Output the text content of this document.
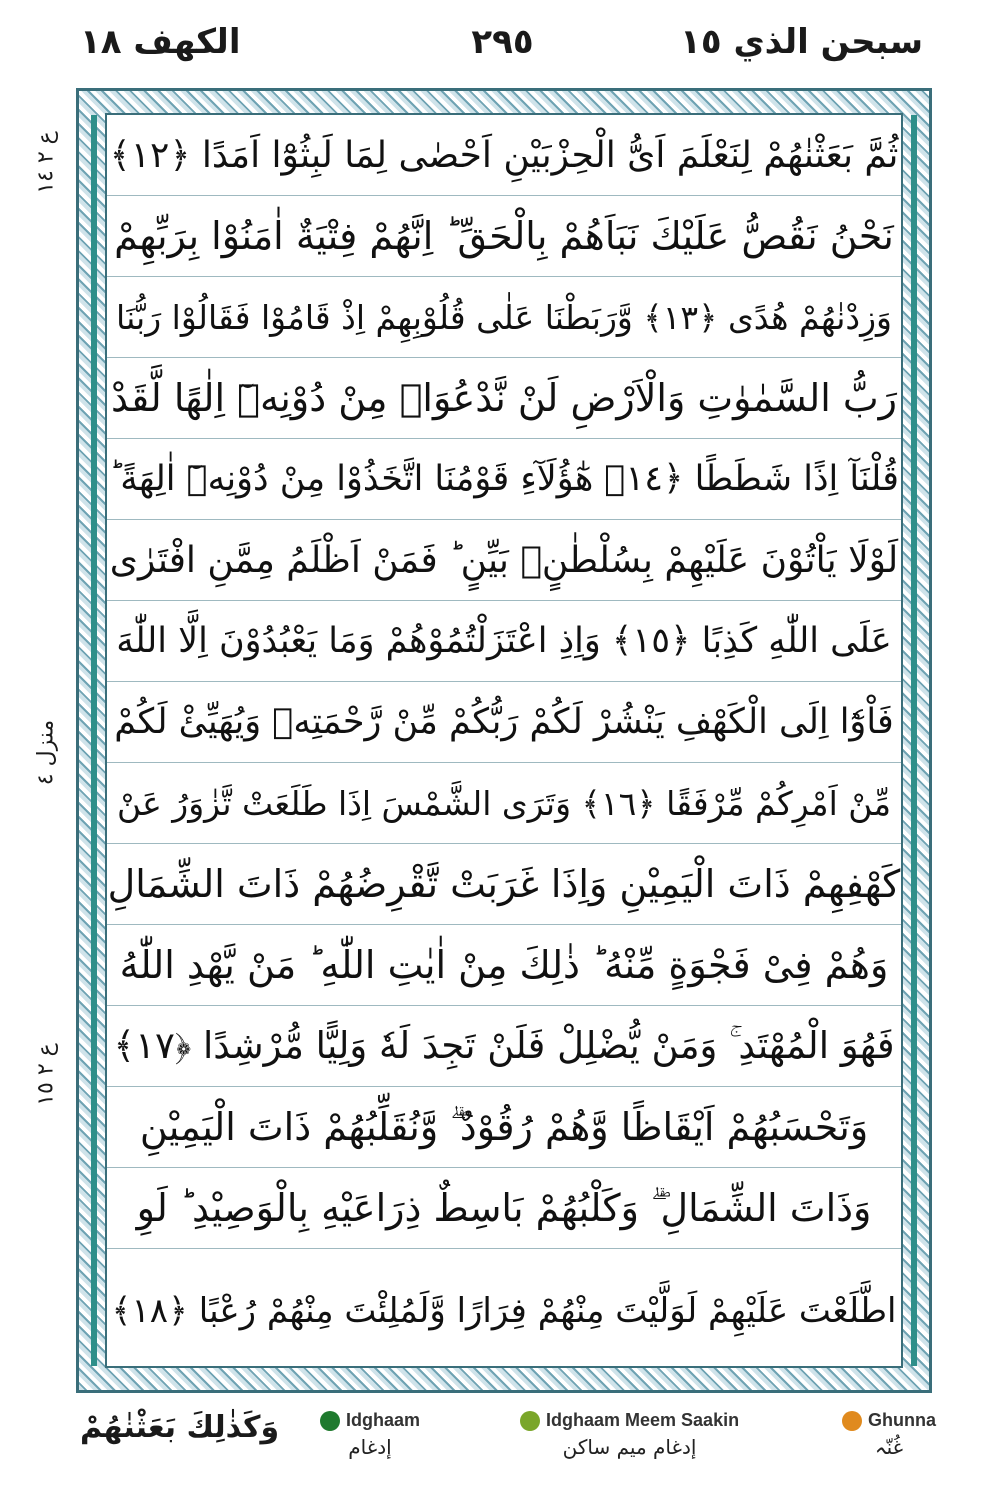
الكهف ١٨	٢٩٥	سبحن الذي ١٥
ع ٢ ١٤
منزل ٤
ع ٢ ١٥
ثُمَّ بَعَثْنٰهُمْ لِنَعْلَمَ اَیُّ الْحِزْبَیْنِ اَحْصٰی لِمَا لَبِثُوْٓا اَمَدًا ﴿١٢﴾
نَحْنُ نَقُصُّ عَلَیْكَ نَبَاَهُمْ بِالْحَقِّ ؕ اِنَّهُمْ فِتْیَةٌ اٰمَنُوْا بِرَبِّهِمْ
وَزِدْنٰهُمْ هُدًی ﴿١٣﴾ وَّرَبَطْنَا عَلٰی قُلُوْبِهِمْ اِذْ قَامُوْا فَقَالُوْا رَبُّنَا
رَبُّ السَّمٰوٰتِ وَالْاَرْضِ لَنْ نَّدْعُوَاۡ مِنْ دُوْنِهٖٓ اِلٰهًا لَّقَدْ
قُلْنَآ اِذًا شَطَطًا ﴿١٤﴾ هٰٓؤُلَآءِ قَوْمُنَا اتَّخَذُوْا مِنْ دُوْنِهٖٓ اٰلِهَةً ؕ
لَوْلَا یَاْتُوْنَ عَلَیْهِمْ بِسُلْطٰنٍۭ بَیِّنٍ ؕ فَمَنْ اَظْلَمُ مِمَّنِ افْتَرٰی
عَلَی اللّٰهِ كَذِبًا ﴿١٥﴾ وَاِذِ اعْتَزَلْتُمُوْهُمْ وَمَا یَعْبُدُوْنَ اِلَّا اللّٰهَ
فَاْوٗٓا اِلَی الْكَهْفِ یَنْشُرْ لَكُمْ رَبُّكُمْ مِّنْ رَّحْمَتِهٖ وَیُهَیِّئْ لَكُمْ
مِّنْ اَمْرِكُمْ مِّرْفَقًا ﴿١٦﴾ وَتَرَی الشَّمْسَ اِذَا طَلَعَتْ تَّزٰوَرُ عَنْ
كَهْفِهِمْ ذَاتَ الْیَمِیْنِ وَاِذَا غَرَبَتْ تَّقْرِضُهُمْ ذَاتَ الشِّمَالِ
وَهُمْ فِیْ فَجْوَةٍ مِّنْهُ ؕ ذٰلِكَ مِنْ اٰیٰتِ اللّٰهِ ؕ مَنْ یَّهْدِ اللّٰهُ
فَهُوَ الْمُهْتَدِ ۚ وَمَنْ یُّضْلِلْ فَلَنْ تَجِدَ لَهٗ وَلِیًّا مُّرْشِدًا ﴿١٧﴾
وَتَحْسَبُهُمْ اَیْقَاظًا وَّهُمْ رُقُوْدٌ ۖۗ وَّنُقَلِّبُهُمْ ذَاتَ الْیَمِیْنِ
وَذَاتَ الشِّمَالِ ۖۗ وَكَلْبُهُمْ بَاسِطٌ ذِرَاعَیْهِ بِالْوَصِیْدِ ؕ لَوِ
اطَّلَعْتَ عَلَیْهِمْ لَوَلَّیْتَ مِنْهُمْ فِرَارًا وَّلَمُلِئْتَ مِنْهُمْ رُعْبًا ﴿١٨﴾
وَكَذٰلِكَ بَعَثْنٰهُمْ	Idghaam
إدغام
Idghaam Meem Saakin
إدغام ميم ساكن
Ghunna
غُنّہ
